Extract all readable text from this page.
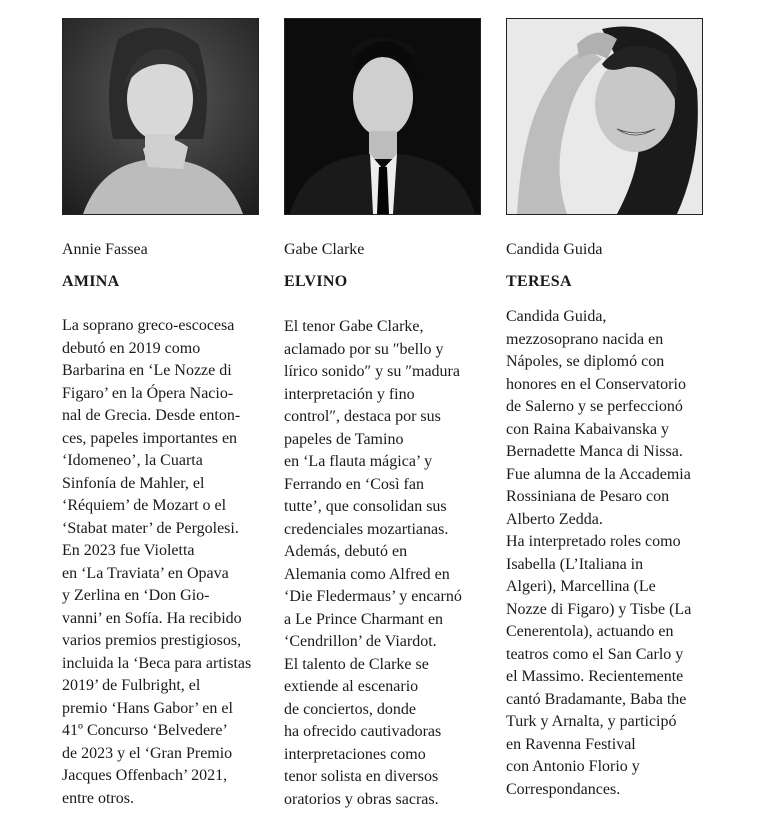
Annie Fassea
AMINA
La soprano greco-escocesa
debutó en 2019 como
Barbarina en ‘Le Nozze di
Figaro’ en la Ópera Nacio-
nal de Grecia. Desde enton-
ces, papeles importantes en
‘Idomeneo’, la Cuarta
Sinfonía de Mahler, el
‘Réquiem’ de Mozart o el
‘Stabat mater’ de Pergolesi.
En 2023 fue Violetta
en ‘La Traviata’ en Opava
y Zerlina en ‘Don Gio-
vanni’ en Sofía. Ha recibido
varios premios prestigiosos,
incluida la ‘Beca para artistas
2019’ de Fulbright, el
premio ‘Hans Gabor’ en el
41º Concurso ‘Belvedere’
de 2023 y el ‘Gran Premio
Jacques Offenbach’ 2021,
entre otros.
Gabe Clarke
ELVINO
El tenor Gabe Clarke,
aclamado por su ″bello y
lírico sonido″ y su ″madura
interpretación y fino
control″, destaca por sus
papeles de Tamino
en ‘La flauta mágica’ y
Ferrando en ‘Così fan
tutte’, que consolidan sus
credenciales mozartianas.
Además, debutó en
Alemania como Alfred en
‘Die Fledermaus’ y encarnó
a Le Prince Charmant en
‘Cendrillon’ de Viardot.
El talento de Clarke se
extiende al escenario
de conciertos, donde
ha ofrecido cautivadoras
interpretaciones como
tenor solista en diversos
oratorios y obras sacras.
Candida Guida
TERESA
Candida Guida,
mezzosoprano nacida en
Nápoles, se diplomó con
honores en el Conservatorio
de Salerno y se perfeccionó
con Raina Kabaivanska y
Bernadette Manca di Nissa.
Fue alumna de la Accademia
Rossiniana de Pesaro con
Alberto Zedda.
Ha interpretado roles como
Isabella (L’Italiana in
Algeri), Marcellina (Le
Nozze di Figaro) y Tisbe (La
Cenerentola), actuando en
teatros como el San Carlo y
el Massimo. Recientemente
cantó Bradamante, Baba the
Turk y Arnalta, y participó
en Ravenna Festival
con Antonio Florio y
Correspondances.
